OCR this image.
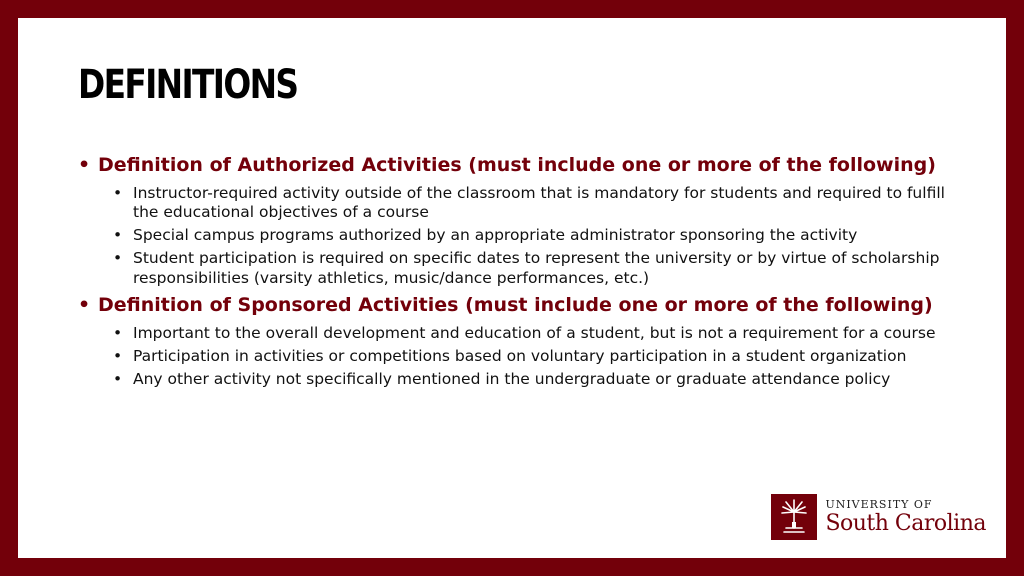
DEFINITIONS
• Definition of Authorized Activities (must include one or more of the following)
• Instructor-required activity outside of the classroom that is mandatory for students and required to fulfill the educational objectives of a course
• Special campus programs authorized by an appropriate administrator sponsoring the activity
• Student participation is required on specific dates to represent the university or by virtue of scholarship responsibilities (varsity athletics, music/dance performances, etc.)
• Definition of Sponsored Activities (must include one or more of the following)
• Important to the overall development and education of a student, but is not a requirement for a course
• Participation in activities or competitions based on voluntary participation in a student organization
• Any other activity not specifically mentioned in the undergraduate or graduate attendance policy
UNIVERSITY OF
South Carolina
